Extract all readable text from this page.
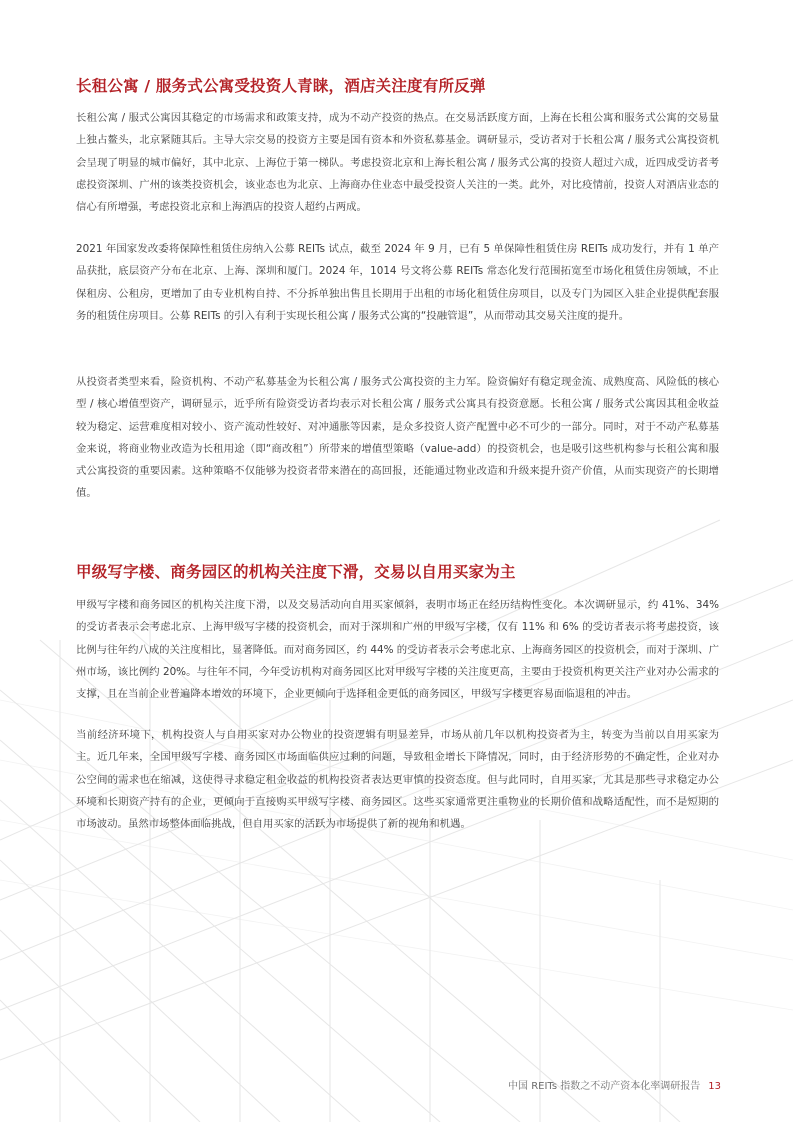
长租公寓 / 服务式公寓受投资人青睐，酒店关注度有所反弹

长租公寓 / 服式公寓因其稳定的市场需求和政策支持，成为不动产投资的热点。在交易活跃度方面，上海在长租公寓和服务式公寓的交易量上独占鳌头，北京紧随其后。主导大宗交易的投资方主要是国有资本和外资私募基金。调研显示，受访者对于长租公寓 / 服务式公寓投资机会呈现了明显的城市偏好，其中北京、上海位于第一梯队。考虑投资北京和上海长租公寓 / 服务式公寓的投资人超过六成，近四成受访者考虑投资深圳、广州的该类投资机会，该业态也为北京、上海商办住业态中最受投资人关注的一类。此外，对比疫情前，投资人对酒店业态的信心有所增强，考虑投资北京和上海酒店的投资人超约占两成。

2021 年国家发改委将保障性租赁住房纳入公募 REITs 试点，截至 2024 年 9 月，已有 5 单保障性租赁住房 REITs 成功发行，并有 1 单产品获批，底层资产分布在北京、上海、深圳和厦门。2024 年，1014 号文将公募 REITs 常态化发行范围拓宽至市场化租赁住房领域，不止保租房、公租房，更增加了由专业机构自持、不分拆单独出售且长期用于出租的市场化租赁住房项目，以及专门为园区入驻企业提供配套服务的租赁住房项目。公募 REITs 的引入有利于实现长租公寓 / 服务式公寓的“投融管退”，从而带动其交易关注度的提升。

从投资者类型来看，险资机构、不动产私募基金为长租公寓 / 服务式公寓投资的主力军。险资偏好有稳定现金流、成熟度高、风险低的核心型 / 核心增值型资产，调研显示，近乎所有险资受访者均表示对长租公寓 / 服务式公寓具有投资意愿。长租公寓 / 服务式公寓因其租金收益较为稳定、运营难度相对较小、资产流动性较好、对冲通胀等因素，是众多投资人资产配置中必不可少的一部分。同时，对于不动产私募基金来说，将商业物业改造为长租用途（即“商改租”）所带来的增值型策略（value-add）的投资机会，也是吸引这些机构参与长租公寓和服式公寓投资的重要因素。这种策略不仅能够为投资者带来潜在的高回报，还能通过物业改造和升级来提升资产价值，从而实现资产的长期增值。

甲级写字楼、商务园区的机构关注度下滑，交易以自用买家为主

甲级写字楼和商务园区的机构关注度下滑，以及交易活动向自用买家倾斜，表明市场正在经历结构性变化。本次调研显示，约 41%、34% 的受访者表示会考虑北京、上海甲级写字楼的投资机会，而对于深圳和广州的甲级写字楼，仅有 11% 和 6% 的受访者表示将考虑投资，该比例与往年约八成的关注度相比，显著降低。而对商务园区，约 44% 的受访者表示会考虑北京、上海商务园区的投资机会，而对于深圳、广州市场，该比例约 20%。与往年不同，今年受访机构对商务园区比对甲级写字楼的关注度更高，主要由于投资机构更关注产业对办公需求的支撑，且在当前企业普遍降本增效的环境下，企业更倾向于选择租金更低的商务园区，甲级写字楼更容易面临退租的冲击。

当前经济环境下，机构投资人与自用买家对办公物业的投资逻辑有明显差异，市场从前几年以机构投资者为主，转变为当前以自用买家为主。近几年来，全国甲级写字楼、商务园区市场面临供应过剩的问题，导致租金增长下降情况，同时，由于经济形势的不确定性，企业对办公空间的需求也在缩减，这使得寻求稳定租金收益的机构投资者表达更审慎的投资态度。但与此同时，自用买家，尤其是那些寻求稳定办公环境和长期资产持有的企业，更倾向于直接购买甲级写字楼、商务园区。这些买家通常更注重物业的长期价值和战略适配性，而不是短期的市场波动。虽然市场整体面临挑战，但自用买家的活跃为市场提供了新的视角和机遇。

中国 REITs 指数之不动产资本化率调研报告 13
